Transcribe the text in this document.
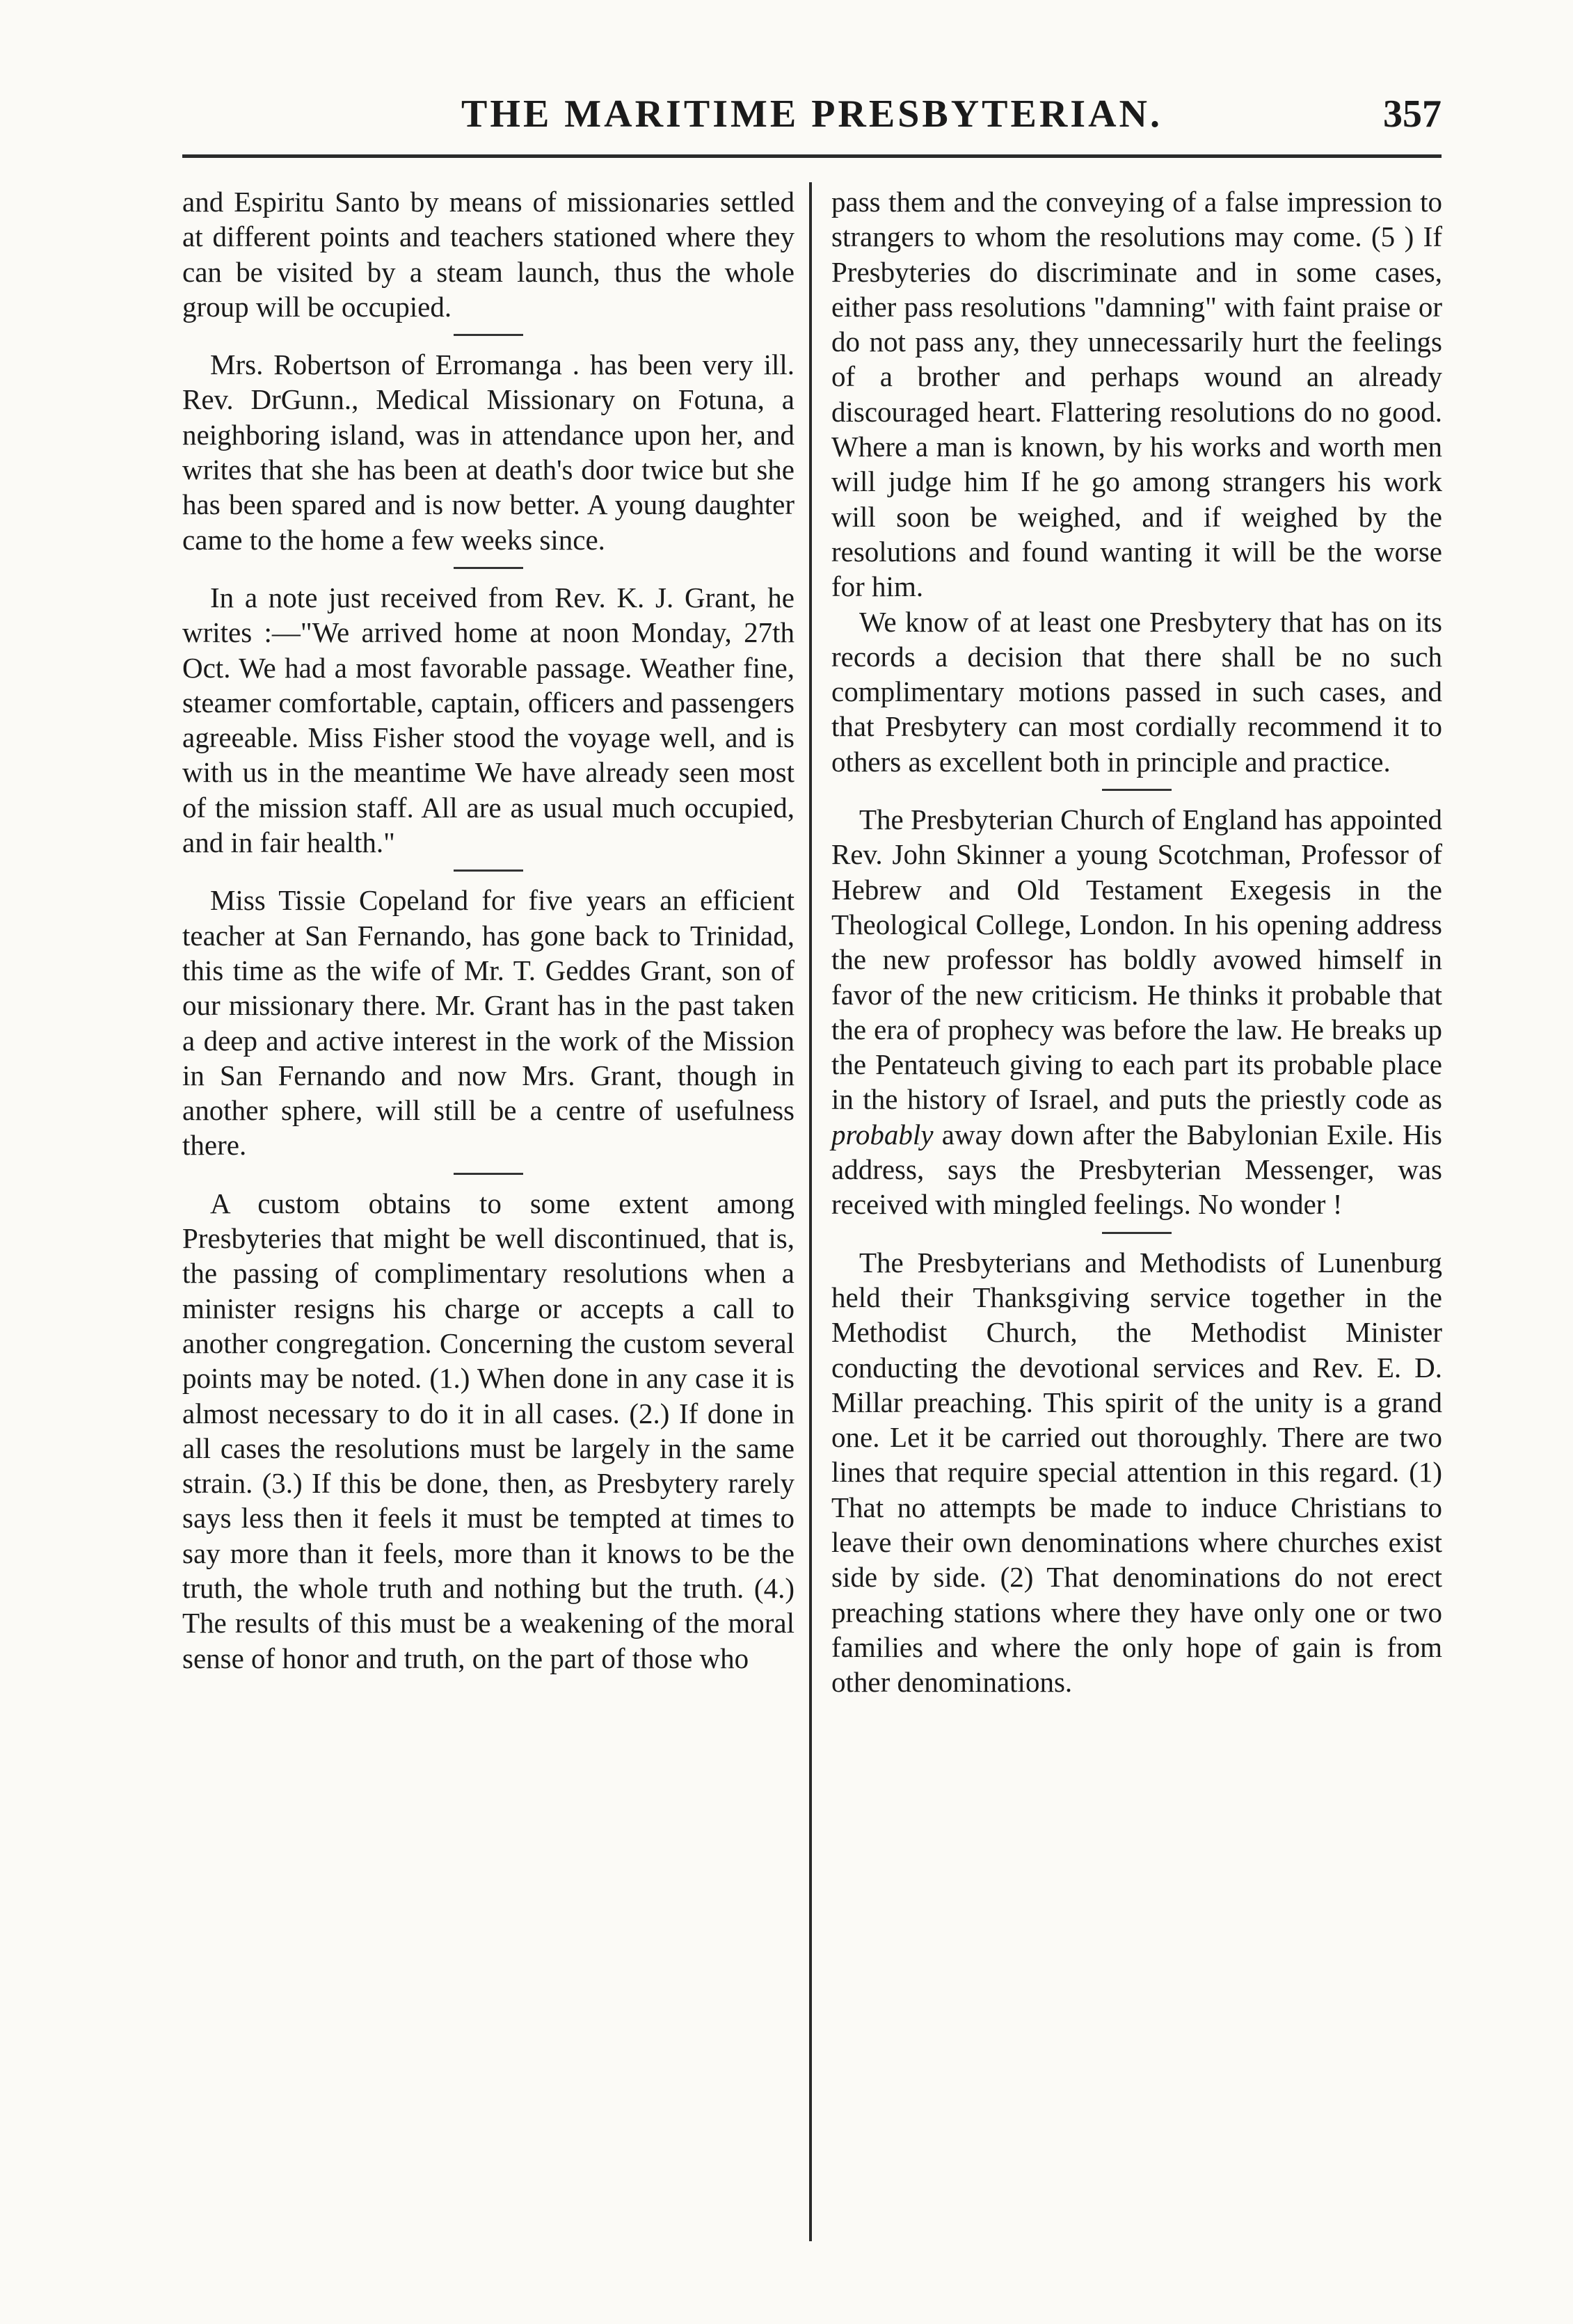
THE MARITIME PRESBYTERIAN.	357

and Espiritu Santo by means of missionaries settled at different points and teachers stationed where they can be visited by a steam launch, thus the whole group will be occupied.

Mrs. Robertson of Erromanga . has been very ill. Rev. DrGunn., Medical Missionary on Fotuna, a neighboring island, was in attendance upon her, and writes that she has been at death's door twice but she has been spared and is now better. A young daughter came to the home a few weeks since.

In a note just received from Rev. K. J. Grant, he writes :—"We arrived home at noon Monday, 27th Oct. We had a most favorable passage. Weather fine, steamer comfortable, captain, officers and passengers agreeable. Miss Fisher stood the voyage well, and is with us in the meantime We have already seen most of the mission staff. All are as usual much occupied, and in fair health."

Miss Tissie Copeland for five years an efficient teacher at San Fernando, has gone back to Trinidad, this time as the wife of Mr. T. Geddes Grant, son of our missionary there. Mr. Grant has in the past taken a deep and active interest in the work of the Mission in San Fernando and now Mrs. Grant, though in another sphere, will still be a centre of usefulness there.

A custom obtains to some extent among Presbyteries that might be well discontinued, that is, the passing of complimentary resolutions when a minister resigns his charge or accepts a call to another congregation. Concerning the custom several points may be noted. (1.) When done in any case it is almost necessary to do it in all cases. (2.) If done in all cases the resolutions must be largely in the same strain. (3.) If this be done, then, as Presbytery rarely says less then it feels it must be tempted at times to say more than it feels, more than it knows to be the truth, the whole truth and nothing but the truth. (4.) The results of this must be a weakening of the moral sense of honor and truth, on the part of those who

pass them and the conveying of a false impression to strangers to whom the resolutions may come. (5 ) If Presbyteries do discriminate and in some cases, either pass resolutions "damning" with faint praise or do not pass any, they unnecessarily hurt the feelings of a brother and perhaps wound an already discouraged heart. Flattering resolutions do no good. Where a man is known, by his works and worth men will judge him If he go among strangers his work will soon be weighed, and if weighed by the resolutions and found wanting it will be the worse for him.

We know of at least one Presbytery that has on its records a decision that there shall be no such complimentary motions passed in such cases, and that Presbytery can most cordially recommend it to others as excellent both in principle and practice.

The Presbyterian Church of England has appointed Rev. John Skinner a young Scotchman, Professor of Hebrew and Old Testament Exegesis in the Theological College, London. In his opening address the new professor has boldly avowed himself in favor of the new criticism. He thinks it probable that the era of prophecy was before the law. He breaks up the Pentateuch giving to each part its probable place in the history of Israel, and puts the priestly code as probably away down after the Babylonian Exile. His address, says the Presbyterian Messenger, was received with mingled feelings. No wonder !

The Presbyterians and Methodists of Lunenburg held their Thanksgiving service together in the Methodist Church, the Methodist Minister conducting the devotional services and Rev. E. D. Millar preaching. This spirit of the unity is a grand one. Let it be carried out thoroughly. There are two lines that require special attention in this regard. (1) That no attempts be made to induce Christians to leave their own denominations where churches exist side by side. (2) That denominations do not erect preaching stations where they have only one or two families and where the only hope of gain is from other denominations.
